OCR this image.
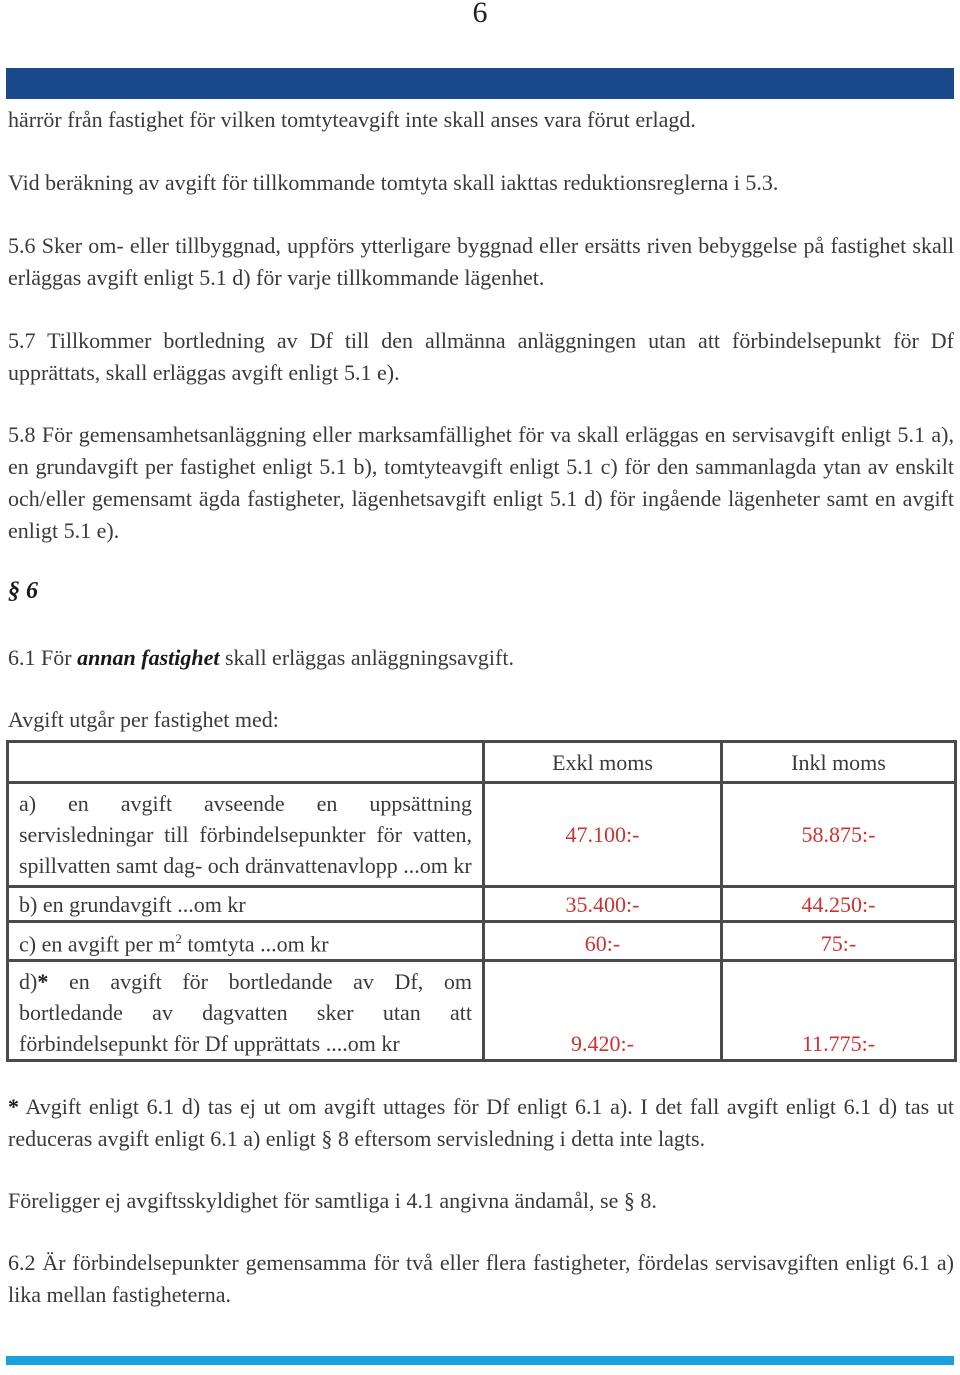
6

härrör från fastighet för vilken tomtyteavgift inte skall anses vara förut erlagd.

Vid beräkning av avgift för tillkommande tomtyta skall iakttas reduktionsreglerna i 5.3.

5.6 Sker om- eller tillbyggnad, uppförs ytterligare byggnad eller ersätts riven bebyggelse på fastighet skall erläggas avgift enligt 5.1 d) för varje tillkommande lägenhet.

5.7 Tillkommer bortledning av Df till den allmänna anläggningen utan att förbindelsepunkt för Df upprättats, skall erläggas avgift enligt 5.1 e).

5.8 För gemensamhetsanläggning eller marksamfällighet för va skall erläggas en servisavgift enligt 5.1 a), en grundavgift per fastighet enligt 5.1 b), tomtyteavgift enligt 5.1 c) för den sammanlagda ytan av enskilt och/eller gemensamt ägda fastigheter, lägenhetsavgift enligt 5.1 d) för ingående lägenheter samt en avgift enligt 5.1 e).

§ 6

6.1 För annan fastighet skall erläggas anläggningsavgift.

Avgift utgår per fastighet med:

	Exkl moms	Inkl moms
a) en avgift avseende en uppsättning servisledningar till förbindelsepunkter för vatten, spillvatten samt dag- och dränvattenavlopp ...om kr	47.100:-	58.875:-
b) en grundavgift ...om kr	35.400:-	44.250:-
c) en avgift per $m^2$ tomtyta ...om kr	60:-	75:-
d)* en avgift för bortledande av Df, om bortledande av dagvatten sker utan att förbindelsepunkt för Df upprättats ....om kr	9.420:-	11.775:-

* Avgift enligt 6.1 d) tas ej ut om avgift uttages för Df enligt 6.1 a). I det fall avgift enligt 6.1 d) tas ut reduceras avgift enligt 6.1 a) enligt § 8 eftersom servisledning i detta inte lagts.

Föreligger ej avgiftsskyldighet för samtliga i 4.1 angivna ändamål, se § 8.

6.2 Är förbindelsepunkter gemensamma för två eller flera fastigheter, fördelas servisavgiften enligt 6.1 a) lika mellan fastigheterna.
